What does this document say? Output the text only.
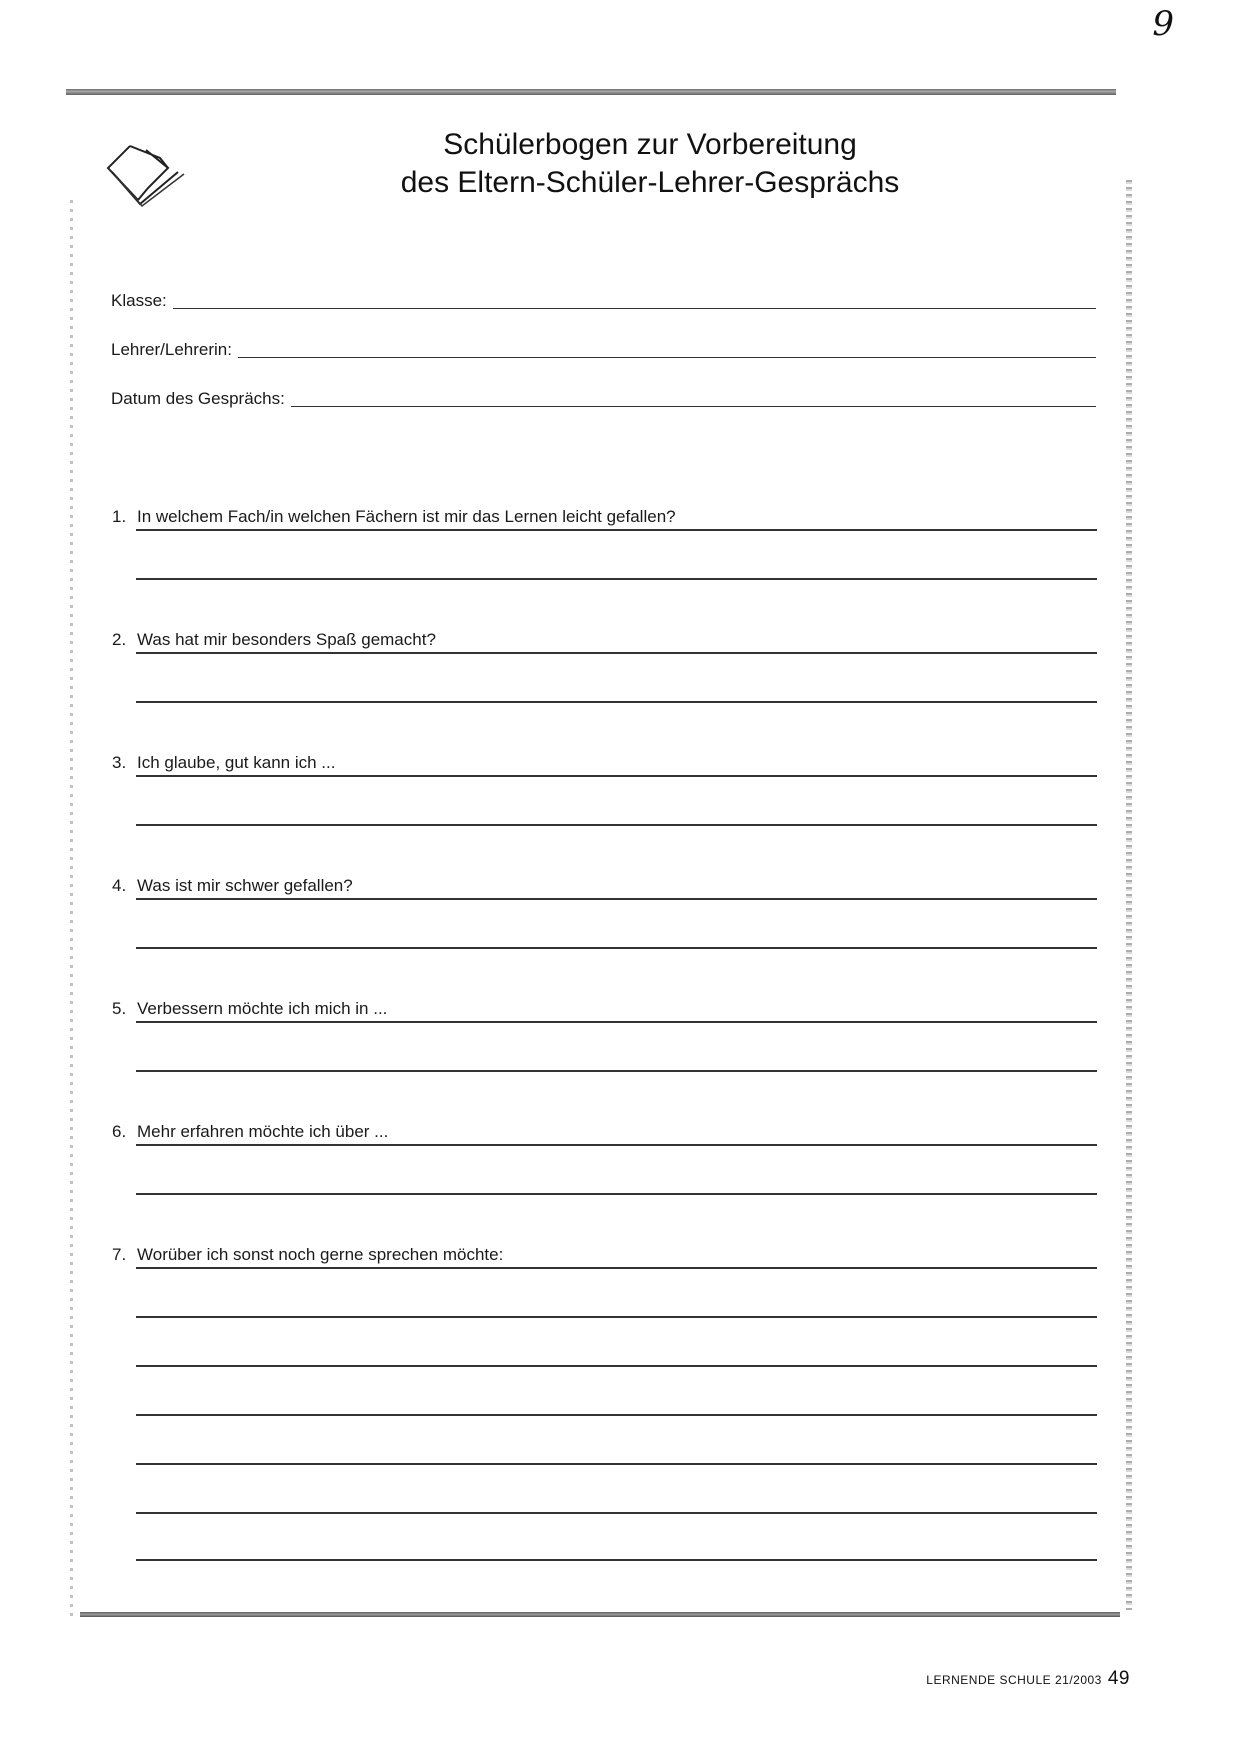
9
Schülerbogen zur Vorbereitung
des Eltern-Schüler-Lehrer-Gesprächs
Klasse:
Lehrer/Lehrerin:
Datum des Gesprächs:
1. In welchem Fach/in welchen Fächern ist mir das Lernen leicht gefallen?
2. Was hat mir besonders Spaß gemacht?
3. Ich glaube, gut kann ich ...
4. Was ist mir schwer gefallen?
5. Verbessern möchte ich mich in ...
6. Mehr erfahren möchte ich über ...
7. Worüber ich sonst noch gerne sprechen möchte:
LERNENDE SCHULE 21/2003 49
